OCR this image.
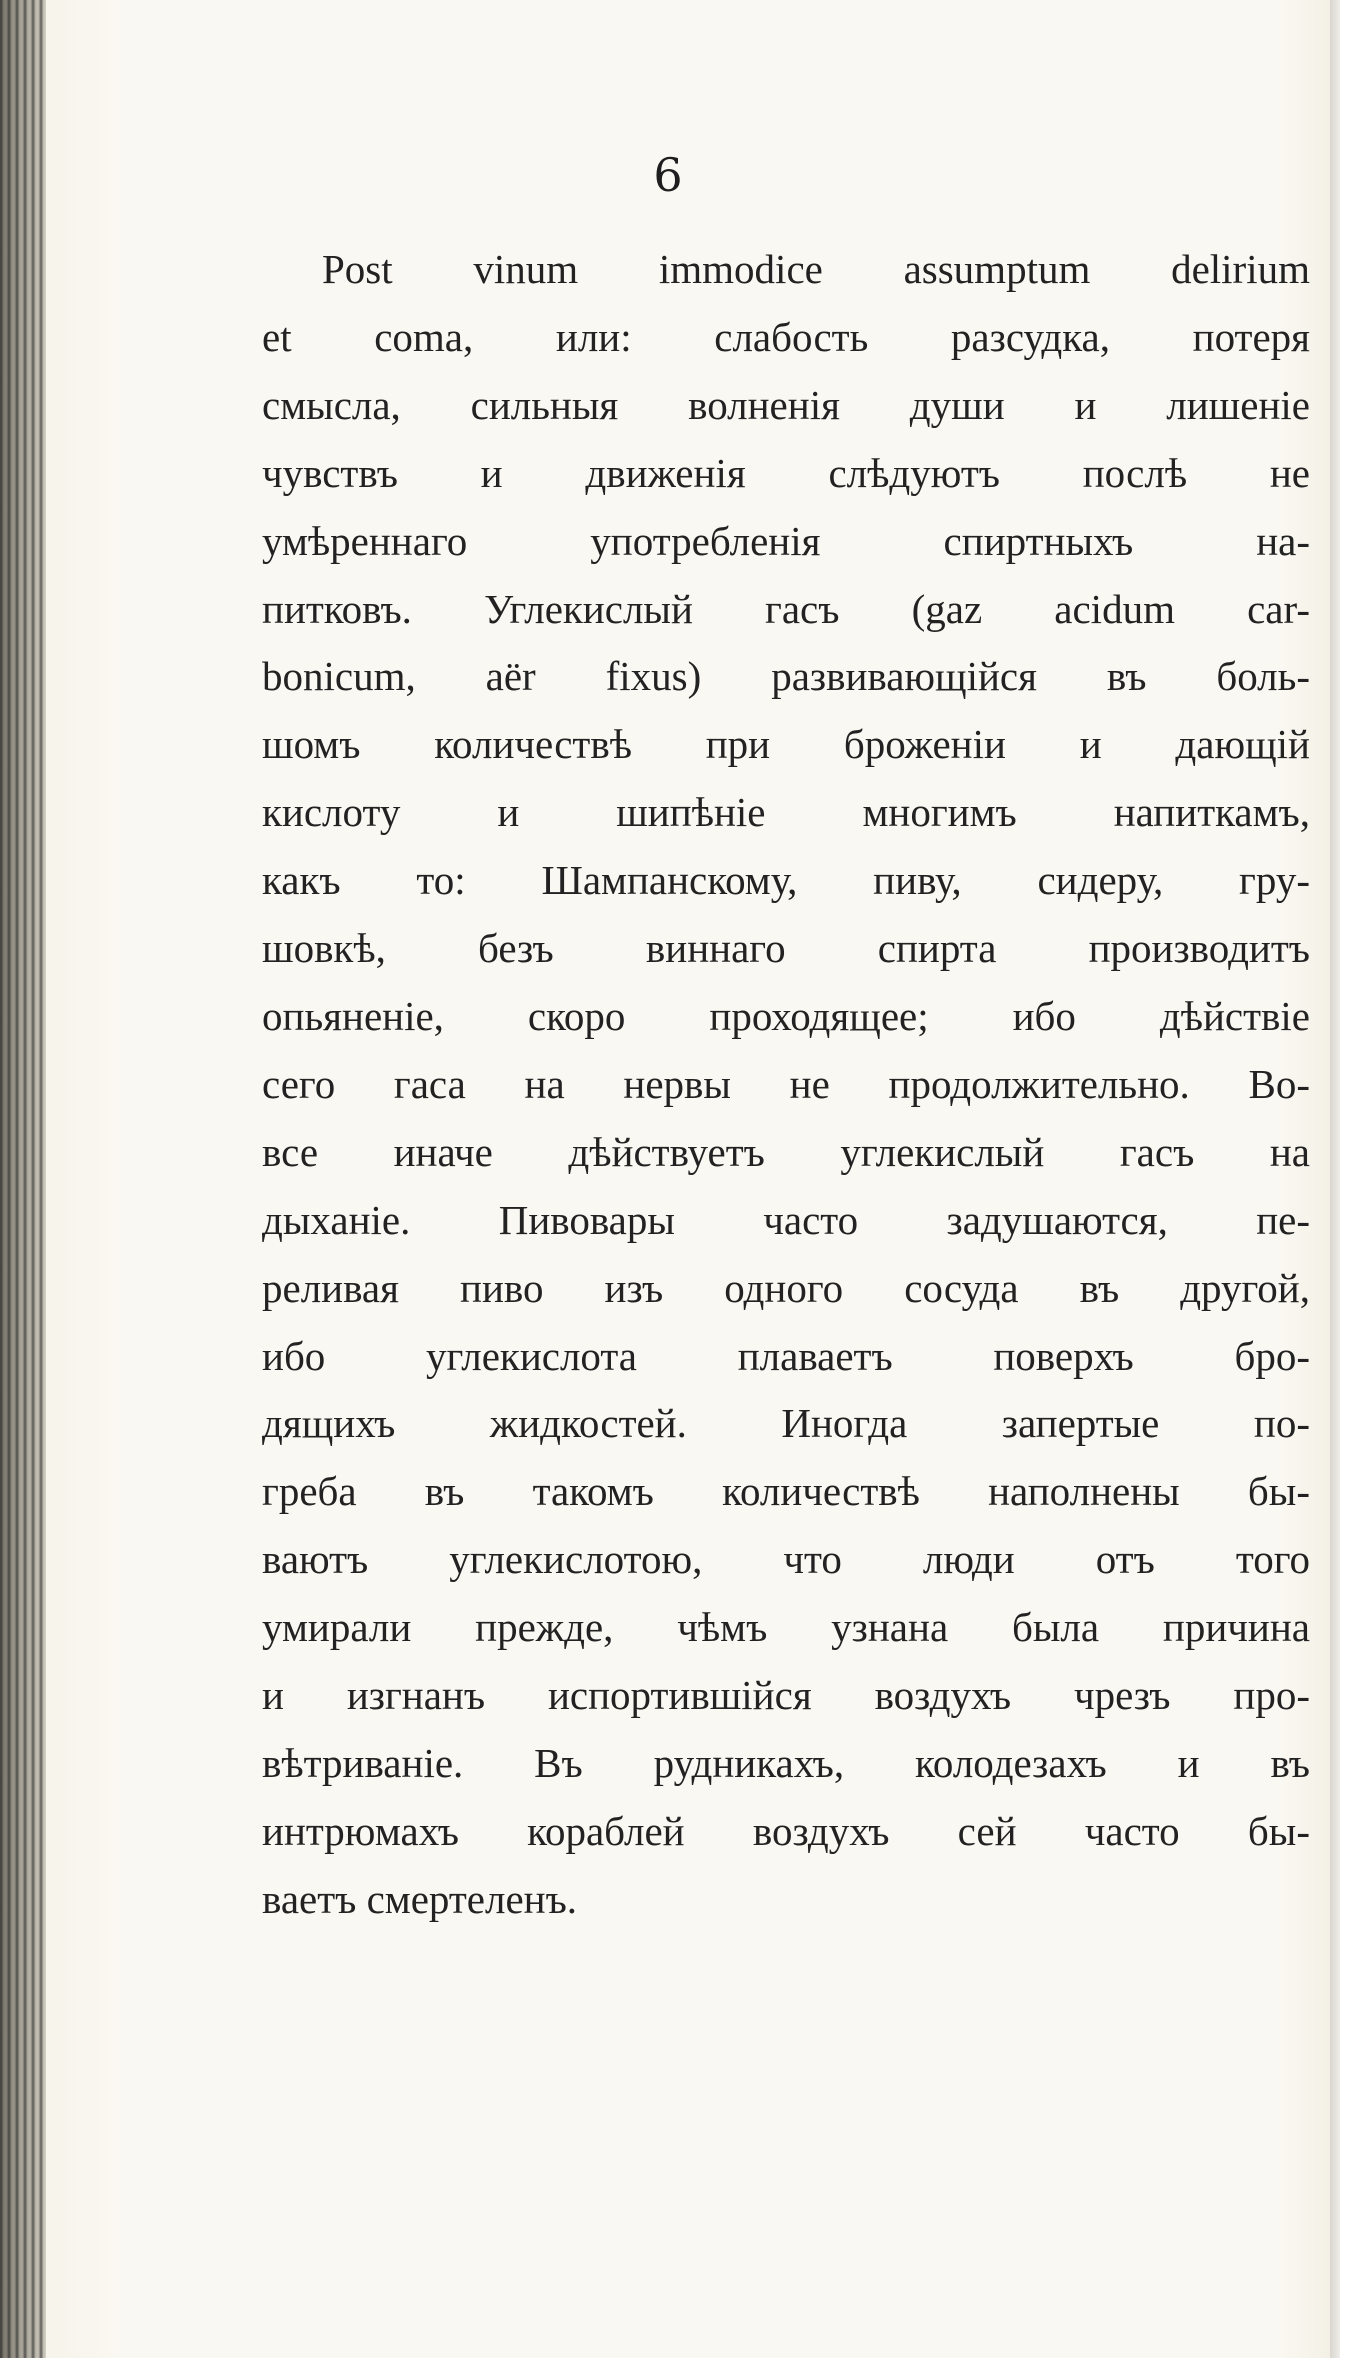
6
Post vinum immodice assumptum delirium
et coma, или: слабость разсудка, потеря
смысла, сильныя волненія души и лишеніе
чувствъ и движенія слѣдуютъ послѣ не
умѣреннаго употребленія спиртныхъ на-
питковъ. Углекислый гасъ (gaz acidum car-
bonicum, aër fixus) развивающійся въ боль-
шомъ количествѣ при броженіи и дающій
кислоту и шипѣніе многимъ напиткамъ,
какъ то: Шампанскому, пиву, сидеру, гру-
шовкѣ, безъ виннаго спирта производитъ
опьяненіе, скоро проходящее; ибо дѣйствіе
сего гаса на нервы не продолжительно. Во-
все иначе дѣйствуетъ углекислый гасъ на
дыханіе. Пивовары часто задушаются, пе-
реливая пиво изъ одного сосуда въ другой,
ибо углекислота плаваетъ поверхъ бро-
дящихъ жидкостей. Иногда запертые по-
греба въ такомъ количествѣ наполнены бы-
ваютъ углекислотою, что люди отъ того
умирали прежде, чѣмъ узнана была причина
и изгнанъ испортившійся воздухъ чрезъ про-
вѣтриваніе. Въ рудникахъ, колодезахъ и въ
интрюмахъ кораблей воздухъ сей часто бы-
ваетъ смертеленъ.
